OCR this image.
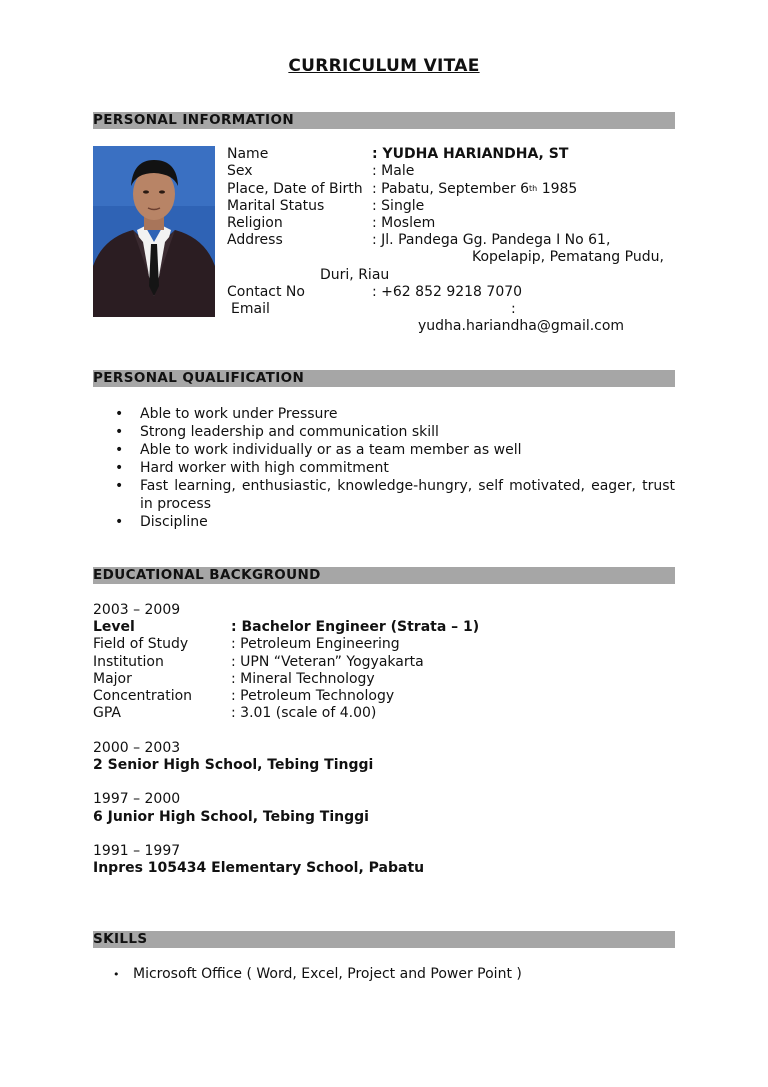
CURRICULUM VITAE
PERSONAL INFORMATION
Name	: YUDHA HARIANDHA, ST
Sex	: Male
Place, Date of Birth : Pabatu, September 6th 1985
Marital Status	: Single
Religion	: Moslem
Address	: Jl. Pandega Gg. Pandega I No 61,
Kopelapip, Pematang Pudu,
Duri, Riau
Contact No	: +62 852 9218 7070
Email	:
yudha.hariandha@gmail.com
PERSONAL QUALIFICATION
• Able to work under Pressure
• Strong leadership and communication skill
• Able to work individually or as a team member as well
• Hard worker with high commitment
• Fast learning, enthusiastic, knowledge-hungry, self motivated, eager, trust in process
• Discipline
EDUCATIONAL BACKGROUND
2003 – 2009
Level	: Bachelor Engineer (Strata – 1)
Field of Study	: Petroleum Engineering
Institution	: UPN “Veteran” Yogyakarta
Major	: Mineral Technology
Concentration	: Petroleum Technology
GPA	: 3.01 (scale of 4.00)
2000 – 2003
2 Senior High School, Tebing Tinggi
1997 – 2000
6 Junior High School, Tebing Tinggi
1991 – 1997
Inpres 105434 Elementary School, Pabatu
SKILLS
• Microsoft Office ( Word, Excel, Project and Power Point )
